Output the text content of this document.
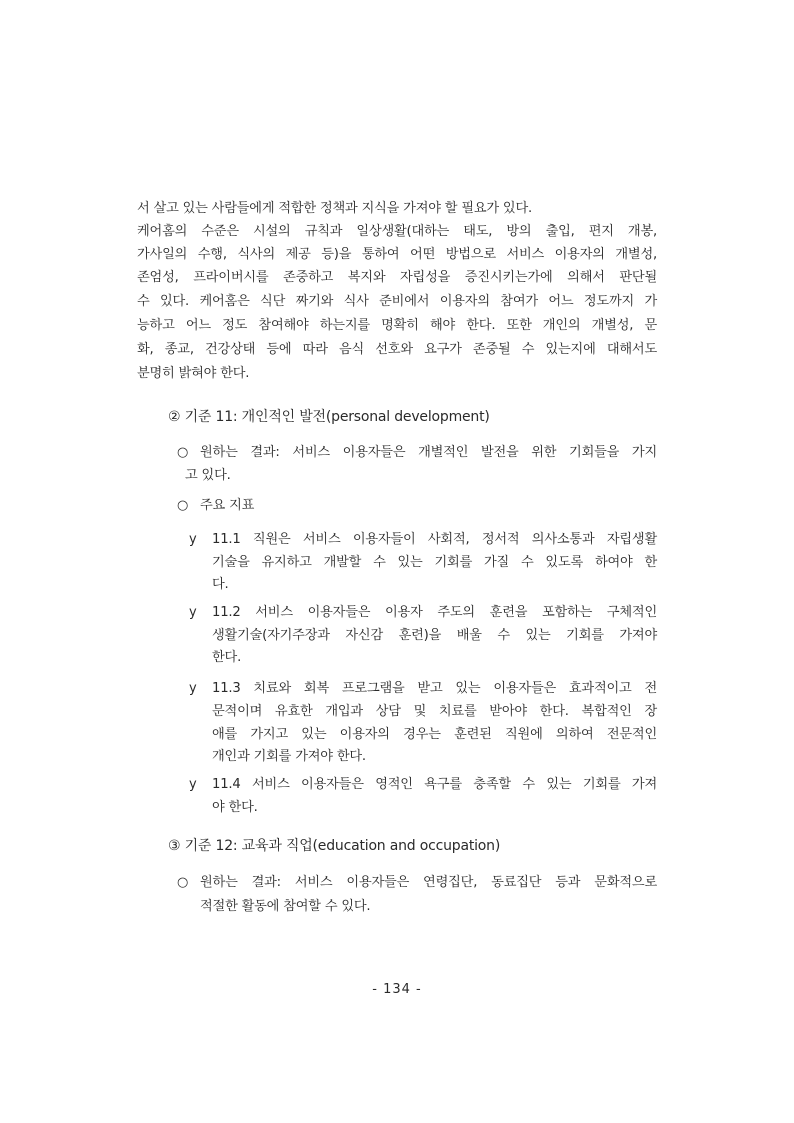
서 살고 있는 사람들에게 적합한 정책과 지식을 가져야 할 필요가 있다.
케어홈의 수준은 시설의 규칙과 일상생활(대하는 태도, 방의 출입, 편지 개봉,
가사일의 수행, 식사의 제공 등)을 통하여 어떤 방법으로 서비스 이용자의 개별성,
존엄성, 프라이버시를 존중하고 복지와 자립성을 증진시키는가에 의해서 판단될
수 있다. 케어홈은 식단 짜기와 식사 준비에서 이용자의 참여가 어느 정도까지 가
능하고 어느 정도 참여해야 하는지를 명확히 해야 한다. 또한 개인의 개별성, 문
화, 종교, 건강상태 등에 따라 음식 선호와 요구가 존중될 수 있는지에 대해서도
분명히 밝혀야 한다.
② 기준 11: 개인적인 발전(personal development)
○ 원하는 결과: 서비스 이용자들은 개별적인 발전을 위한 기회들을 가지
고 있다.
○ 주요 지표
y 11.1 직원은 서비스 이용자들이 사회적, 정서적 의사소통과 자립생활
기술을 유지하고 개발할 수 있는 기회를 가질 수 있도록 하여야 한
다.
y 11.2 서비스 이용자들은 이용자 주도의 훈련을 포함하는 구체적인
생활기술(자기주장과 자신감 훈련)을 배울 수 있는 기회를 가져야
한다.
y 11.3 치료와 회복 프로그램을 받고 있는 이용자들은 효과적이고 전
문적이며 유효한 개입과 상담 및 치료를 받아야 한다. 복합적인 장
애를 가지고 있는 이용자의 경우는 훈련된 직원에 의하여 전문적인
개인과 기회를 가져야 한다.
y 11.4 서비스 이용자들은 영적인 욕구를 충족할 수 있는 기회를 가져
야 한다.
③ 기준 12: 교육과 직업(education and occupation)
○ 원하는 결과: 서비스 이용자들은 연령집단, 동료집단 등과 문화적으로
적절한 활동에 참여할 수 있다.
- 134 -
